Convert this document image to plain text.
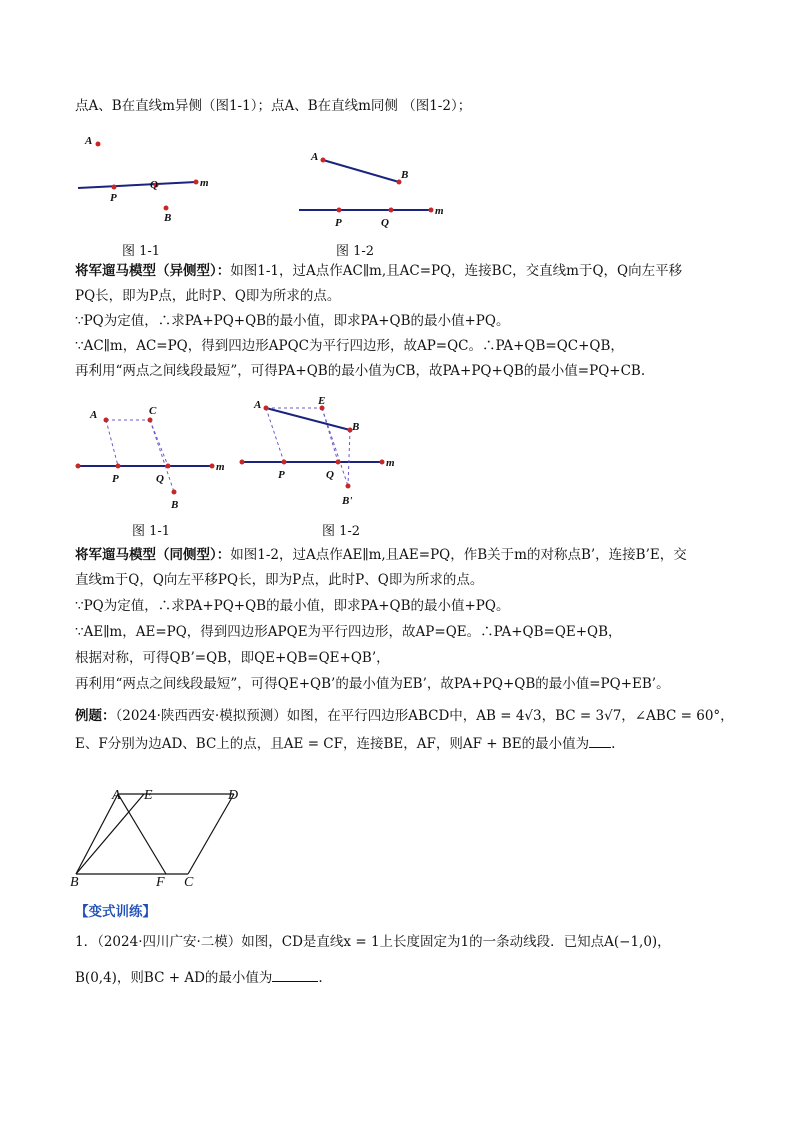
点A、B在直线m异侧（图1-1）；点A、B在直线m同侧 （图1-2）；
A
P
Q	m
B
A
B
P	Q
m
图 1-1	图 1-2
将军遛马模型（异侧型）：如图1-1，过A点作AC∥m,且AC=PQ，连接BC，交直线m于Q，Q向左平移
PQ长，即为P点，此时P、Q即为所求的点。
∵PQ为定值，∴求PA+PQ+QB的最小值，即求PA+QB的最小值+PQ。
∵AC∥m，AC=PQ，得到四边形APQC为平行四边形，故AP=QC。∴PA+QB=QC+QB，
再利用“两点之间线段最短”，可得PA+QB的最小值为CB，故PA+PQ+QB的最小值=PQ+CB.
A	C
P	Q
m
B
A	E
B
P	Q
m
B'
图 1-1	图 1-2
将军遛马模型（同侧型）：如图1-2，过A点作AE∥m,且AE=PQ，作B关于m的对称点B’，连接B’E，交
直线m于Q，Q向左平移PQ长，即为P点，此时P、Q即为所求的点。
∵PQ为定值，∴求PA+PQ+QB的最小值，即求PA+QB的最小值+PQ。
∵AE∥m，AE=PQ，得到四边形APQE为平行四边形，故AP=QE。∴PA+QB=QE+QB，
根据对称，可得QB’=QB，即QE+QB=QE+QB’，
再利用“两点之间线段最短”，可得QE+QB’的最小值为EB’，故PA+PQ+QB的最小值=PQ+EB’。
例题：（2024·陕西西安·模拟预测）如图，在平行四边形ABCD中，AB = 4√3，BC = 3√7，∠ABC = 60°，
E、F分别为边AD、BC上的点，且AE = CF，连接BE，AF，则AF + BE的最小值为 .
A E	D
B	F C
【变式训练】
1．（2024·四川广安·二模）如图，CD是直线x = 1上长度固定为1的一条动线段．已知点A(−1,0)，
B(0,4)，则BC + AD的最小值为	.
